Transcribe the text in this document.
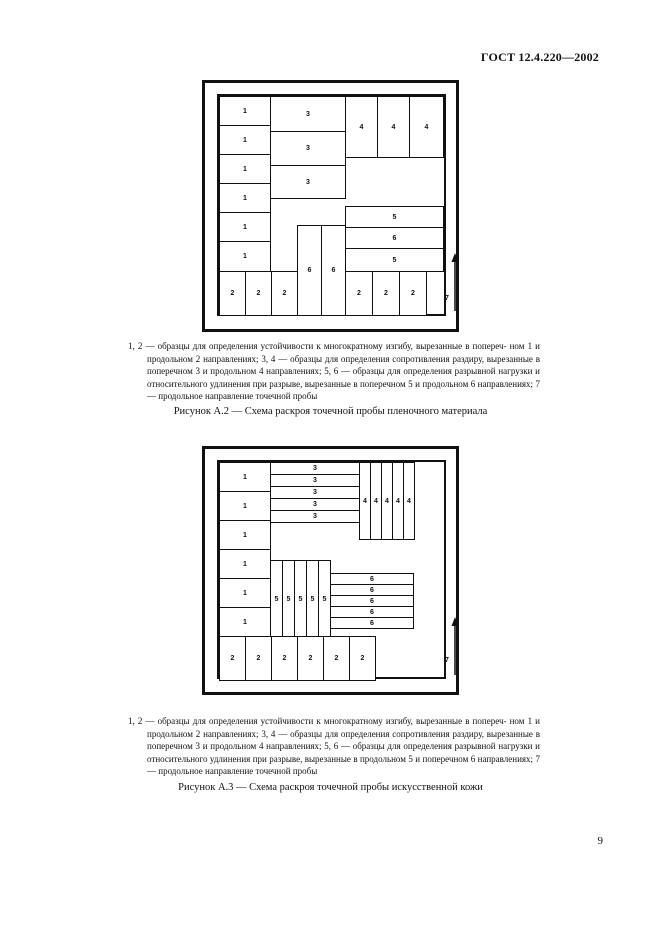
ГОСТ 12.4.220—2002
1
1
1
1
1
1
3
3
3
4	4	4
5
6
5
6	6
2	2	2	2	2	2
7
1, 2 — образцы для определения устойчивости к многократному изгибу, вырезанные в попереч- ном 1 и продольном 2 направлениях; 3, 4 — образцы для определения сопротивления раздиру, вырезанные в поперечном 3 и продольном 4 направлениях; 5, 6 — образцы для определения разрывной нагрузки и относительного удлинения при разрыве, вырезанные в поперечном 5 и продольном 6 направлениях; 7 — продольное направление точечной пробы
Рисунок А.2 — Схема раскроя точечной пробы пленочного материала
1
1
1
1
1
1
3
3
3
3
3
4	4	4	4	4
5	5	5	5	5
6
6
6
6
6
2	2	2	2	2	2	7
1, 2 — образцы для определения устойчивости к многократному изгибу, вырезанные в попереч- ном 1 и продольном 2 направлениях; 3, 4 — образцы для определения сопротивления раздиру, вырезанные в поперечном 3 и продольном 4 направлениях; 5, 6 — образцы для определения разрывной нагрузки и относительного удлинения при разрыве, вырезанные в продольном 5 и поперечном 6 направлениях; 7 — продольное направление точечной пробы
Рисунок А.3 — Схема раскроя точечной пробы искусственной кожи
9
